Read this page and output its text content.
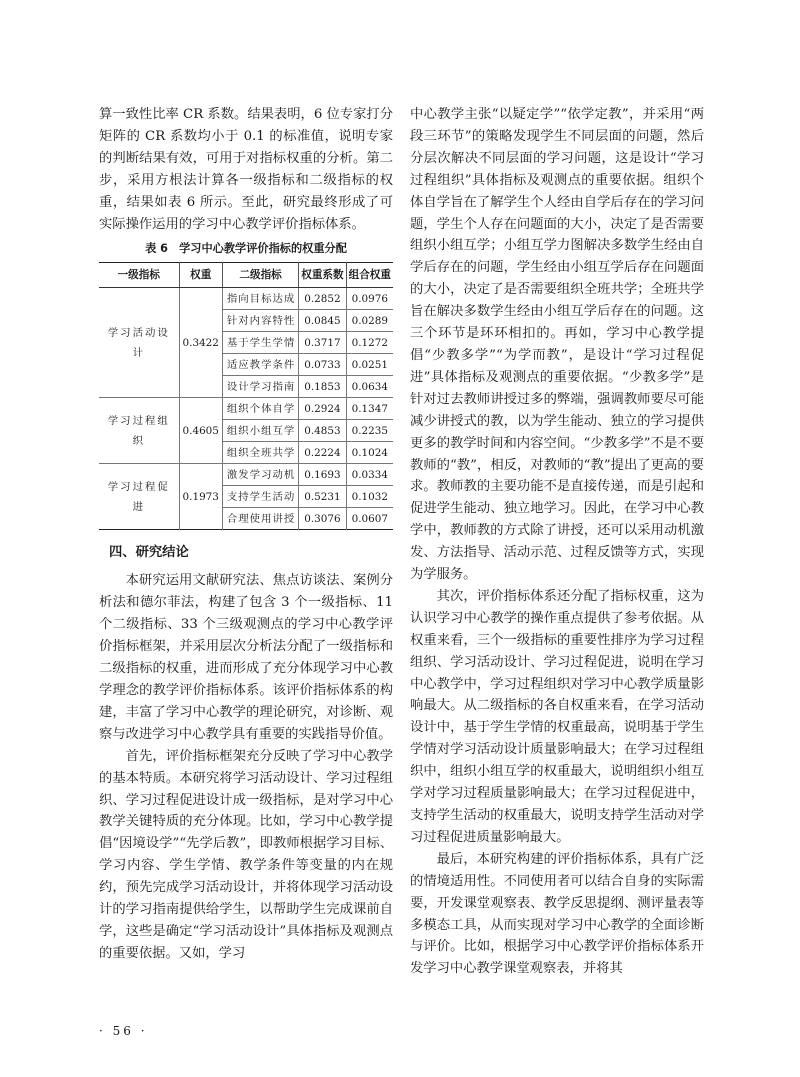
算一致性比率 CR 系数。结果表明，6 位专家打分矩阵的 CR 系数均小于 0.1 的标准值，说明专家的判断结果有效，可用于对指标权重的分析。第二步，采用方根法计算各一级指标和二级指标的权重，结果如表 6 所示。至此，研究最终形成了可实际操作运用的学习中心教学评价指标体系。

表 6　学习中心教学评价指标的权重分配
一级指标	权重	二级指标	权重系数	组合权重
学习活动设计	0.3422	指向目标达成	0.2852	0.0976
		针对内容特性	0.0845	0.0289
		基于学生学情	0.3717	0.1272
		适应教学条件	0.0733	0.0251
		设计学习指南	0.1853	0.0634
学习过程组织	0.4605	组织个体自学	0.2924	0.1347
		组织小组互学	0.4853	0.2235
		组织全班共学	0.2224	0.1024
学习过程促进	0.1973	激发学习动机	0.1693	0.0334
		支持学生活动	0.5231	0.1032
		合理使用讲授	0.3076	0.0607
四、研究结论

本研究运用文献研究法、焦点访谈法、案例分析法和德尔菲法，构建了包含 3 个一级指标、11 个二级指标、33 个三级观测点的学习中心教学评价指标框架，并采用层次分析法分配了一级指标和二级指标的权重，进而形成了充分体现学习中心教学理念的教学评价指标体系。该评价指标体系的构建，丰富了学习中心教学的理论研究，对诊断、观察与改进学习中心教学具有重要的实践指导价值。

首先，评价指标框架充分反映了学习中心教学的基本特质。本研究将学习活动设计、学习过程组织、学习过程促进设计成一级指标，是对学习中心教学关键特质的充分体现。比如，学习中心教学提倡“因境设学”“先学后教”，即教师根据学习目标、学习内容、学生学情、教学条件等变量的内在规约，预先完成学习活动设计，并将体现学习活动设计的学习指南提供给学生，以帮助学生完成课前自学，这些是确定“学习活动设计”具体指标及观测点的重要依据。又如，学习

中心教学主张“以疑定学”“依学定教”，并采用“两段三环节”的策略发现学生不同层面的问题，然后分层次解决不同层面的学习问题，这是设计“学习过程组织”具体指标及观测点的重要依据。组织个体自学旨在了解学生个人经由自学后存在的学习问题，学生个人存在问题面的大小，决定了是否需要组织小组互学；小组互学力图解决多数学生经由自学后存在的问题，学生经由小组互学后存在问题面的大小，决定了是否需要组织全班共学；全班共学旨在解决多数学生经由小组互学后存在的问题。这三个环节是环环相扣的。再如，学习中心教学提倡“少教多学”“为学而教”，是设计“学习过程促进”具体指标及观测点的重要依据。“少教多学”是针对过去教师讲授过多的弊端，强调教师要尽可能减少讲授式的教，以为学生能动、独立的学习提供更多的教学时间和内容空间。“少教多学”不是不要教师的“教”，相反，对教师的“教”提出了更高的要求。教师教的主要功能不是直接传递，而是引起和促进学生能动、独立地学习。因此，在学习中心教学中，教师教的方式除了讲授，还可以采用动机激发、方法指导、活动示范、过程反馈等方式，实现为学服务。

其次，评价指标体系还分配了指标权重，这为认识学习中心教学的操作重点提供了参考依据。从权重来看，三个一级指标的重要性排序为学习过程组织、学习活动设计、学习过程促进，说明在学习中心教学中，学习过程组织对学习中心教学质量影响最大。从二级指标的各自权重来看，在学习活动设计中，基于学生学情的权重最高，说明基于学生学情对学习活动设计质量影响最大；在学习过程组织中，组织小组互学的权重最大，说明组织小组互学对学习过程质量影响最大；在学习过程促进中，支持学生活动的权重最大，说明支持学生活动对学习过程促进质量影响最大。

最后，本研究构建的评价指标体系，具有广泛的情境适用性。不同使用者可以结合自身的实际需要，开发课堂观察表、教学反思提纲、测评量表等多模态工具，从而实现对学习中心教学的全面诊断与评价。比如，根据学习中心教学评价指标体系开发学习中心教学课堂观察表，并将其

· 56 ·
